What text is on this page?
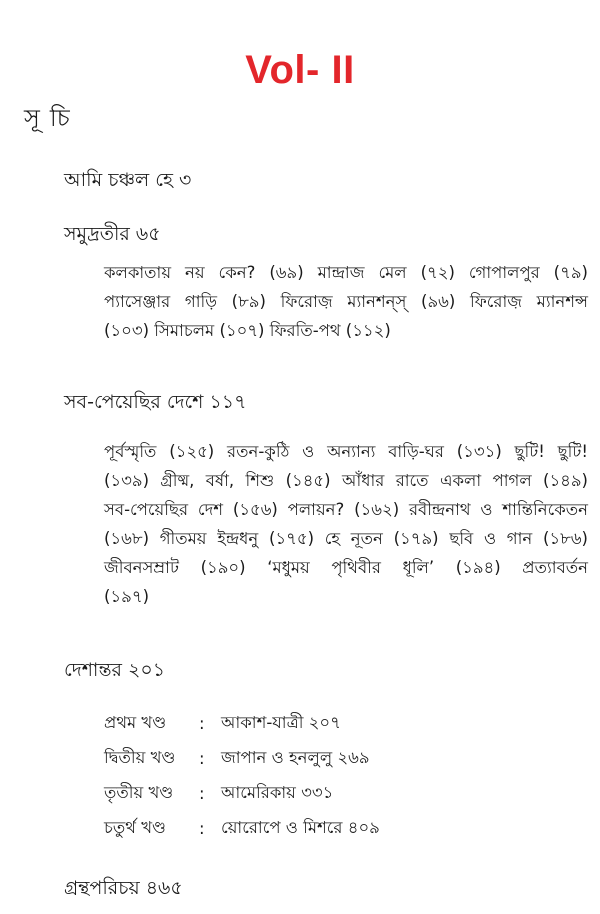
Vol- II
সূচি
আমি চঞ্চল হে ৩
সমুদ্রতীর ৬৫
কলকাতায় নয় কেন? (৬৯) মান্দ্রাজ মেল (৭২) গোপালপুর (৭৯)
প্যাসেঞ্জার গাড়ি (৮৯) ফিরোজ় ম্যানশন্স্ (৯৬) ফিরোজ় ম্যানশন্স
(১০৩) সিমাচলম (১০৭) ফিরতি-পথ (১১২)
সব-পেয়েছির দেশে ১১৭
পূর্বস্মৃতি (১২৫) রতন-কুঠি ও অন্যান্য বাড়ি-ঘর (১৩১) ছুটি! ছুটি!
(১৩৯) গ্রীষ্ম, বর্ষা, শিশু (১৪৫) আঁধার রাতে একলা পাগল (১৪৯)
সব-পেয়েছির দেশ (১৫৬) পলায়ন? (১৬২) রবীন্দ্রনাথ ও শান্তিনিকেতন
(১৬৮) গীতময় ইন্দ্রধনু (১৭৫) হে নূতন (১৭৯) ছবি ও গান (১৮৬)
জীবনসম্রাট (১৯০) ‘মধুময় পৃথিবীর ধূলি’ (১৯৪) প্রত্যাবর্তন
(১৯৭)
দেশান্তর ২০১
প্রথম খণ্ড	: আকাশ-যাত্রী ২০৭
দ্বিতীয় খণ্ড	: জাপান ও হনলুলু ২৬৯
তৃতীয় খণ্ড	: আমেরিকায় ৩৩১
চতুর্থ খণ্ড	: য়োরোপে ও মিশরে ৪০৯
গ্রন্থপরিচয় ৪৬৫
